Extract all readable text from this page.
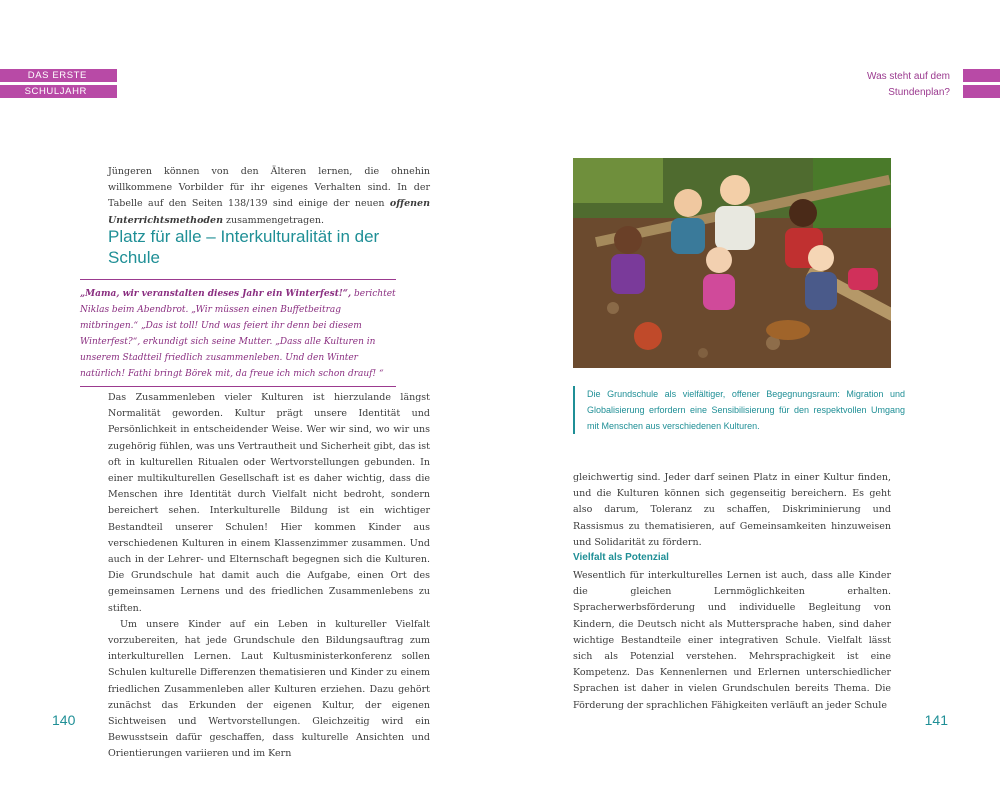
DAS ERSTE
SCHULJAHR
Was steht auf dem
Stundenplan?
Jüngeren können von den Älteren lernen, die ohnehin willkommene Vorbilder für ihr eigenes Verhalten sind. In der Tabelle auf den Seiten 138/139 sind einige der neuen offenen Unterrichtsmethoden zusammengetragen.
Platz für alle – Interkulturalität in der Schule

„Mama, wir veranstalten dieses Jahr ein Winterfest!“, berichtet Niklas beim Abendbrot. „Wir müssen einen Buffetbeitrag mitbringen.“ „Das ist toll! Und was feiert ihr denn bei diesem Winterfest?“, erkundigt sich seine Mutter. „Dass alle Kulturen in unserem Stadtteil friedlich zusammenleben. Und den Winter natürlich! Fathi bringt Börek mit, da freue ich mich schon drauf! “

Das Zusammenleben vieler Kulturen ist hierzulande längst Normalität geworden. Kultur prägt unsere Identität und Persönlichkeit in entscheidender Weise. Wer wir sind, wo wir uns zugehörig fühlen, was uns Vertrautheit und Sicherheit gibt, das ist oft in kulturellen Ritualen oder Wertvorstellungen gebunden. In einer multikulturellen Gesellschaft ist es daher wichtig, dass die Menschen ihre Identität durch Vielfalt nicht bedroht, sondern bereichert sehen. Interkulturelle Bildung ist ein wichtiger Bestandteil unserer Schulen! Hier kommen Kinder aus verschiedenen Kulturen in einem Klassenzimmer zusammen. Und auch in der Lehrer- und Elternschaft begegnen sich die Kulturen. Die Grundschule hat damit auch die Aufgabe, einen Ort des gemeinsamen Lernens und des friedlichen Zusammenlebens zu stiften.
Um unsere Kinder auf ein Leben in kultureller Vielfalt vorzubereiten, hat jede Grundschule den Bildungsauftrag zum interkulturellen Lernen. Laut Kultusministerkonferenz sollen Schulen kulturelle Differenzen thematisieren und Kinder zu einem friedlichen Zusammenleben aller Kulturen erziehen. Dazu gehört zunächst das Erkunden der eigenen Kultur, der eigenen Sichtweisen und Wertvorstellungen. Gleichzeitig wird ein Bewusstsein dafür geschaffen, dass kulturelle Ansichten und Orientierungen variieren und im Kern
Die Grundschule als vielfältiger, offener Begegnungsraum: Migration und Globalisierung erfordern eine Sensibilisierung für den respektvollen Umgang mit Menschen aus verschiedenen Kulturen.
gleichwertig sind. Jeder darf seinen Platz in einer Kultur finden, und die Kulturen können sich gegenseitig bereichern. Es geht also darum, Toleranz zu schaffen, Diskriminierung und Rassismus zu thematisieren, auf Gemeinsamkeiten hinzuweisen und Solidarität zu fördern.
Vielfalt als Potenzial
Wesentlich für interkulturelles Lernen ist auch, dass alle Kinder die gleichen Lernmöglichkeiten erhalten. Spracherwerbsförderung und individuelle Begleitung von Kindern, die Deutsch nicht als Muttersprache haben, sind daher wichtige Bestandteile einer integrativen Schule. Vielfalt lässt sich als Potenzial verstehen. Mehrsprachigkeit ist eine Kompetenz. Das Kennenlernen und Erlernen unterschiedlicher Sprachen ist daher in vielen Grundschulen bereits Thema. Die Förderung der sprachlichen Fähigkeiten verläuft an jeder Schule
140	141
